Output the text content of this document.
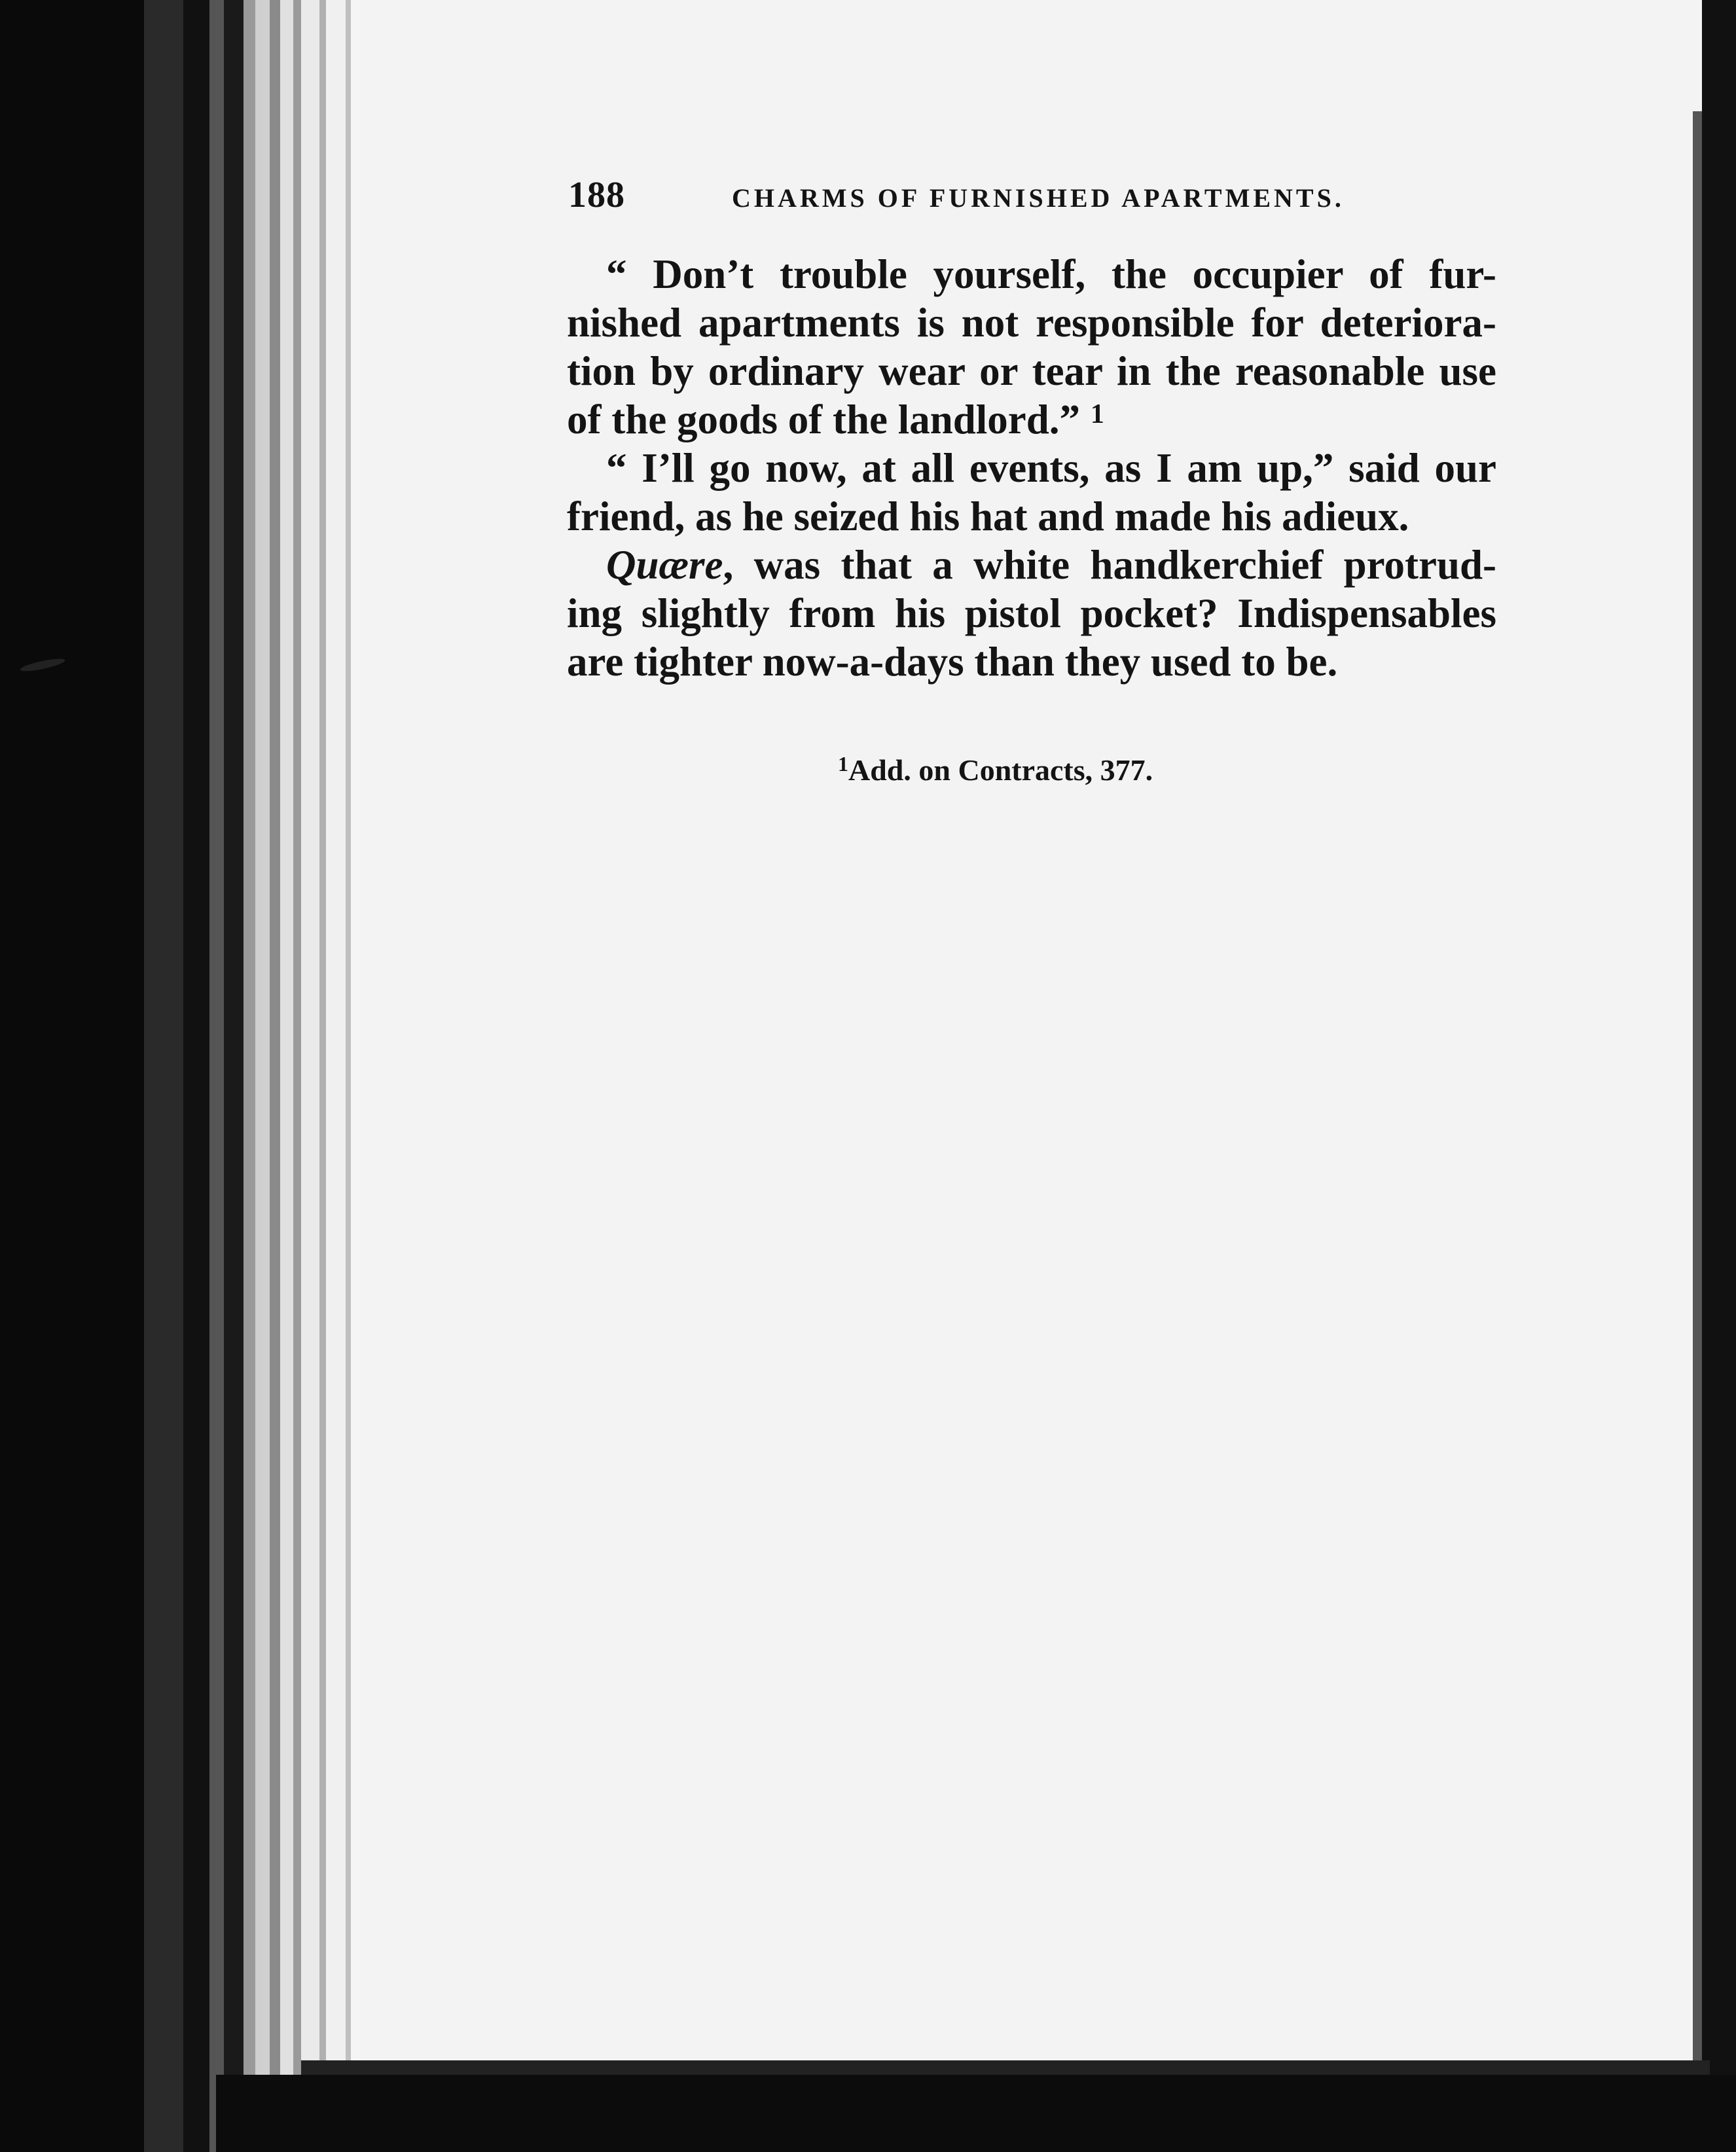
188	CHARMS OF FURNISHED APARTMENTS.
“ Don’t trouble yourself, the occupier of fur-
nished apartments is not responsible for deteriora-
tion by ordinary wear or tear in the reasonable use
of the goods of the landlord.” $^1$
“ I’ll go now, at all events, as I am up,” said our
friend, as he seized his hat and made his adieux.
Quære, was that a white handkerchief protrud-
ing slightly from his pistol pocket? Indispensables
are tighter now-a-days than they used to be.
$^1$Add. on Contracts, 377.
